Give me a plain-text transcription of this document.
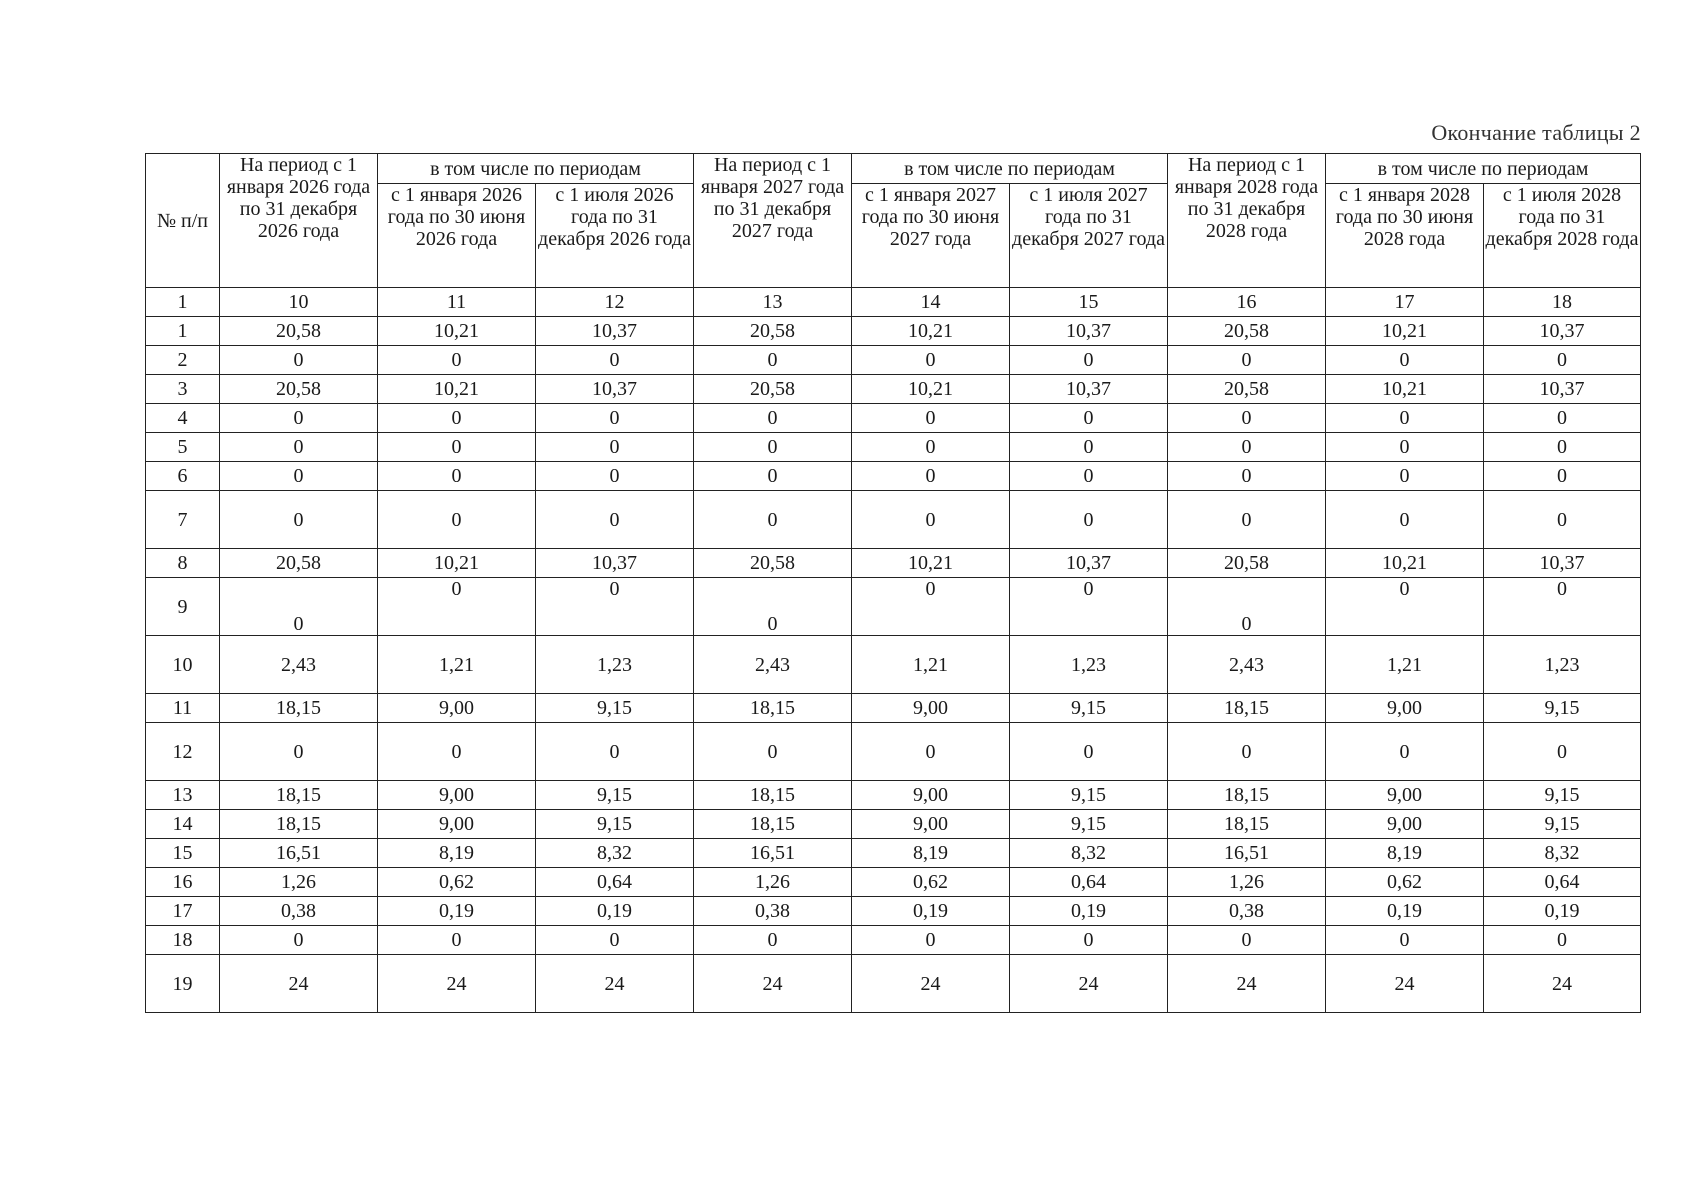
Окончание таблицы 2
№ п/п	На период с 1 января 2026 года по 31 декабря 2026 года	в том числе по периодам		На период с 1 января 2027 года по 31 декабря 2027 года	в том числе по периодам		На период с 1 января 2028 года по 31 декабря 2028 года	в том числе по периодам	
		с 1 января 2026 года по 30 июня 2026 года	с 1 июля 2026 года по 31 декабря 2026 года		с 1 января 2027 года по 30 июня 2027 года	с 1 июля 2027 года по 31 декабря 2027 года		с 1 января 2028 года по 30 июня 2028 года	с 1 июля 2028 года по 31 декабря 2028 года
1	10	11	12	13	14	15	16	17	18
1	20,58	10,21	10,37	20,58	10,21	10,37	20,58	10,21	10,37
2	0	0	0	0	0	0	0	0	0
3	20,58	10,21	10,37	20,58	10,21	10,37	20,58	10,21	10,37
4	0	0	0	0	0	0	0	0	0
5	0	0	0	0	0	0	0	0	0
6	0	0	0	0	0	0	0	0	0
7	0	0	0	0	0	0	0	0	0
8	20,58	10,21	10,37	20,58	10,21	10,37	20,58	10,21	10,37
9	0	0	0	0	0	0	0	0	0
10	2,43	1,21	1,23	2,43	1,21	1,23	2,43	1,21	1,23
11	18,15	9,00	9,15	18,15	9,00	9,15	18,15	9,00	9,15
12	0	0	0	0	0	0	0	0	0
13	18,15	9,00	9,15	18,15	9,00	9,15	18,15	9,00	9,15
14	18,15	9,00	9,15	18,15	9,00	9,15	18,15	9,00	9,15
15	16,51	8,19	8,32	16,51	8,19	8,32	16,51	8,19	8,32
16	1,26	0,62	0,64	1,26	0,62	0,64	1,26	0,62	0,64
17	0,38	0,19	0,19	0,38	0,19	0,19	0,38	0,19	0,19
18	0	0	0	0	0	0	0	0	0
19	24	24	24	24	24	24	24	24	24
